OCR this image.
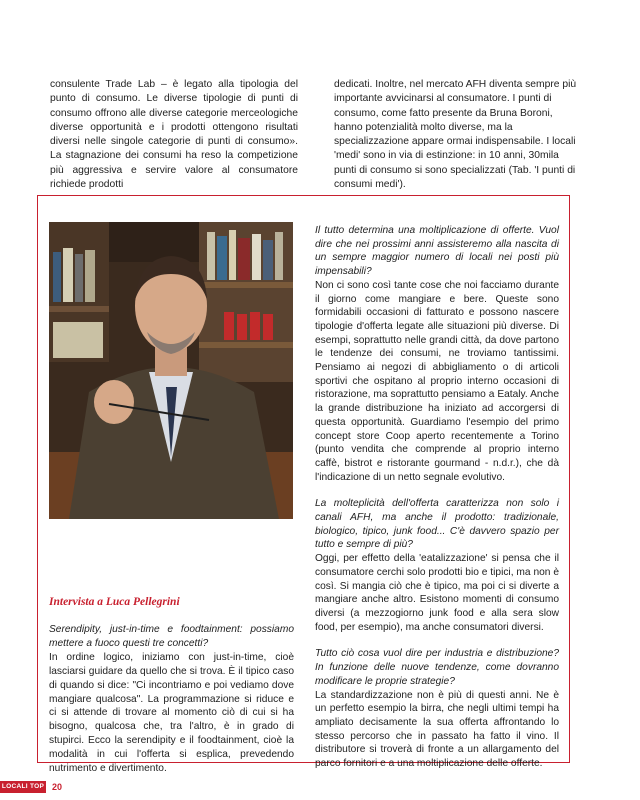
consulente Trade Lab – è legato alla tipologia del punto di consumo. Le diverse tipologie di punti di consumo offrono alle diverse categorie merceologiche diverse opportunità e i prodotti ottengono risultati diversi nelle singole categorie di punti di consumo». La stagnazione dei consumi ha reso la competizione più aggressiva e servire valore al consumatore richiede prodotti

dedicati. Inoltre, nel mercato AFH diventa sempre più importante avvicinarsi al consumatore. I punti di consumo, come fatto presente da Bruna Boroni, hanno potenzialità molto diverse, ma la specializzazione appare ormai indispensabile. I locali 'medi' sono in via di estinzione: in 10 anni, 30mila punti di consumo si sono specializzati (Tab. 'I punti di consumi medi').

Intervista a Luca Pellegrini

Serendipity, just-in-time e foodtainment: possiamo mettere a fuoco questi tre concetti?

In ordine logico, iniziamo con just-in-time, cioè lasciarsi guidare da quello che si trova. È il tipico caso di quando si dice: "Ci incontriamo e poi vediamo dove mangiare qualcosa". La programmazione si riduce e ci si attende di trovare al momento ciò di cui si ha bisogno, qualcosa che, tra l'altro, è in grado di stupirci. Ecco la serendipity e il foodtainment, cioè la modalità in cui l'offerta si esplica, prevedendo nutrimento e divertimento.

Il tutto determina una moltiplicazione di offerte. Vuol dire che nei prossimi anni assisteremo alla nascita di un sempre maggior numero di locali nei posti più impensabili?

Non ci sono così tante cose che noi facciamo durante il giorno come mangiare e bere. Queste sono formidabili occasioni di fatturato e possono nascere tipologie d'offerta legate alle situazioni più diverse. Di esempi, soprattutto nelle grandi città, da dove partono le tendenze dei consumi, ne troviamo tantissimi. Pensiamo ai negozi di abbigliamento o di articoli sportivi che ospitano al proprio interno occasioni di ristorazione, ma soprattutto pensiamo a Eataly. Anche la grande distribuzione ha iniziato ad accorgersi di questa opportunità. Guardiamo l'esempio del primo concept store Coop aperto recentemente a Torino (punto vendita che comprende al proprio interno caffè, bistrot e ristorante gourmand - n.d.r.), che dà l'indicazione di un netto segnale evolutivo.

La molteplicità dell'offerta caratterizza non solo i canali AFH, ma anche il prodotto: tradizionale, biologico, tipico, junk food... C'è davvero spazio per tutto e sempre di più?

Oggi, per effetto della 'eatalizzazione' si pensa che il consumatore cerchi solo prodotti bio e tipici, ma non è così. Si mangia ciò che è tipico, ma poi ci si diverte a mangiare anche altro. Esistono momenti di consumo diversi (a mezzogiorno junk food e alla sera slow food, per esempio), ma anche consumatori diversi.

Tutto ciò cosa vuol dire per industria e distribuzione? In funzione delle nuove tendenze, come dovranno modificare le proprie strategie?

La standardizzazione non è più di questi anni. Ne è un perfetto esempio la birra, che negli ultimi tempi ha ampliato decisamente la sua offerta affrontando lo stesso percorso che in passato ha fatto il vino. Il distributore si troverà di fronte a un allargamento del parco fornitori e a una moltiplicazione delle offerte.

LOCALI TOP 20
